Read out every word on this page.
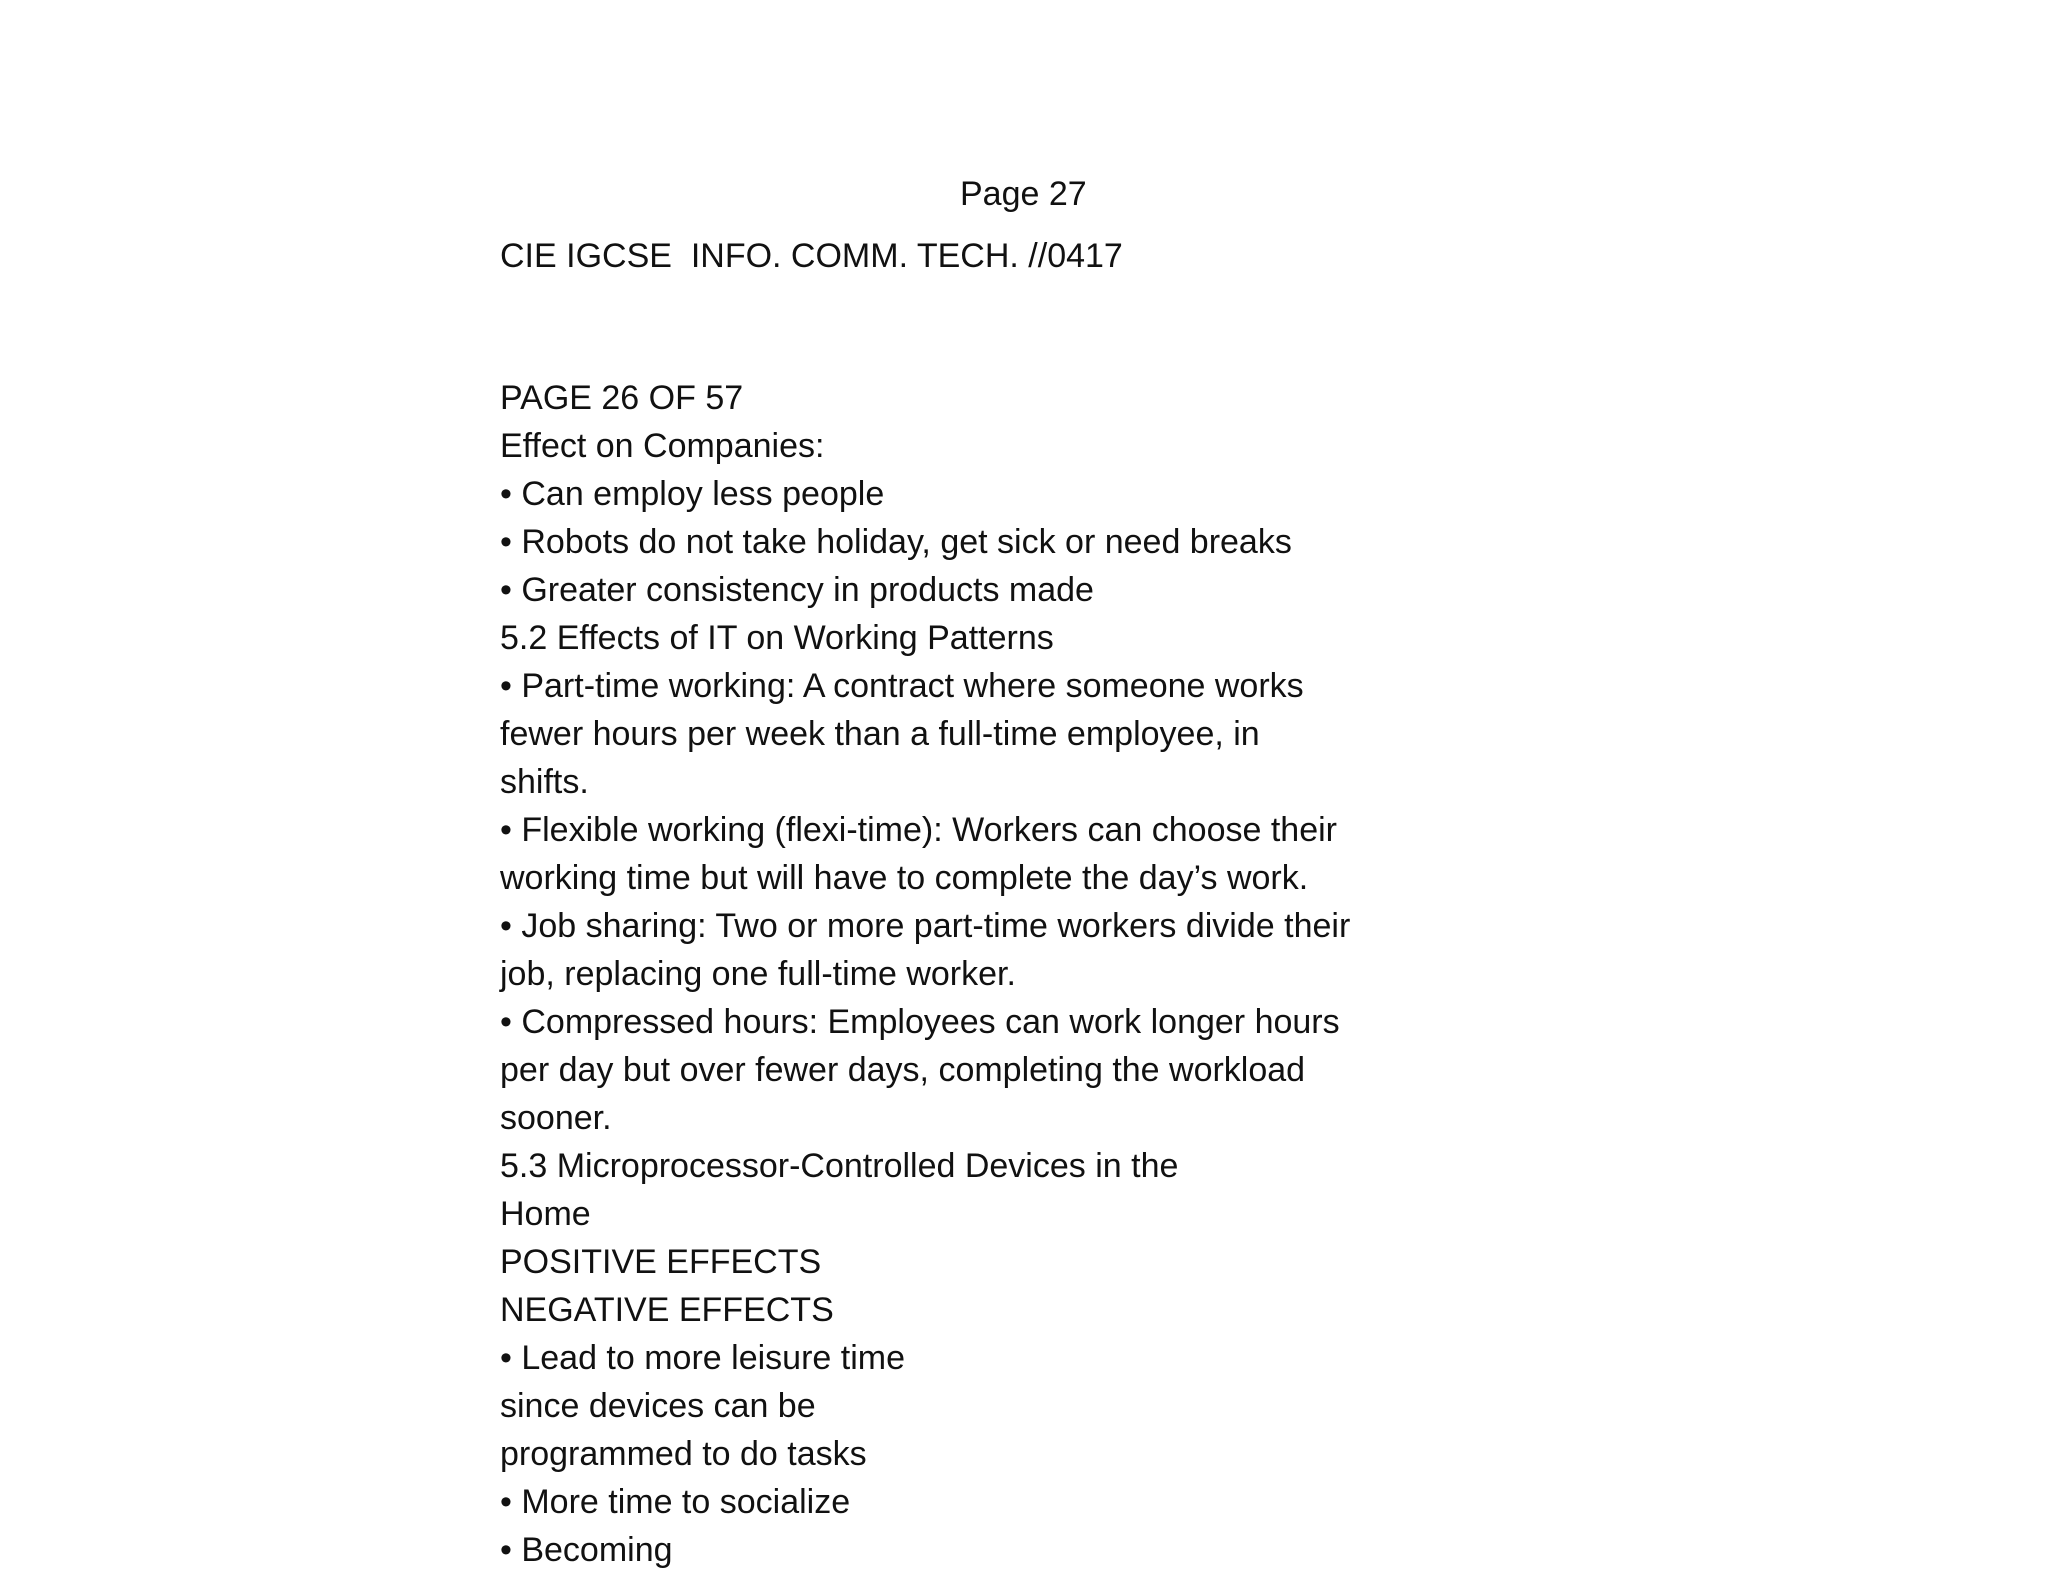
Page 27
CIE IGCSE  INFO. COMM. TECH. //0417
PAGE 26 OF 57
Effect on Companies:
• Can employ less people
• Robots do not take holiday, get sick or need breaks
• Greater consistency in products made
5.2 Effects of IT on Working Patterns
• Part-time working: A contract where someone works
fewer hours per week than a full-time employee, in
shifts.
• Flexible working (flexi-time): Workers can choose their
working time but will have to complete the day’s work.
• Job sharing: Two or more part-time workers divide their
job, replacing one full-time worker.
• Compressed hours: Employees can work longer hours
per day but over fewer days, completing the workload
sooner.
5.3 Microprocessor-Controlled Devices in the
Home
POSITIVE EFFECTS
NEGATIVE EFFECTS
• Lead to more leisure time
since devices can be
programmed to do tasks
• More time to socialize
• Becoming
